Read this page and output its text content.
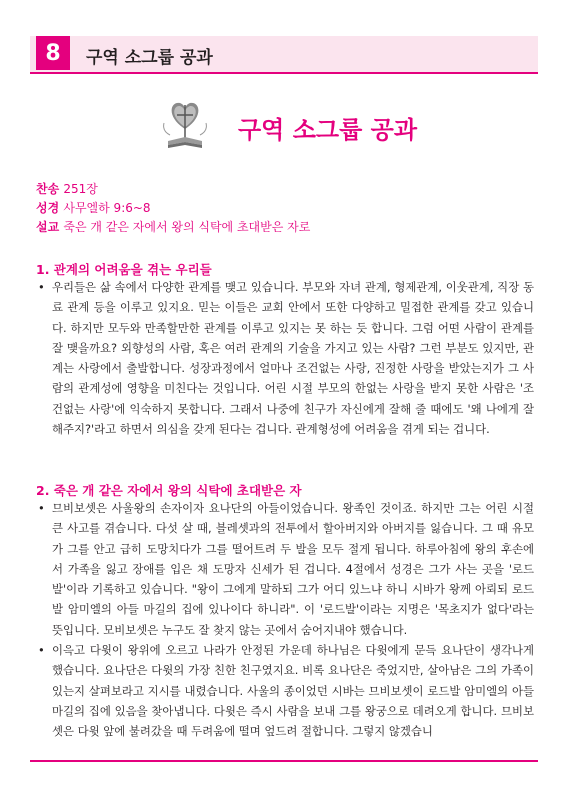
8	구역 소그룹 공과
구역 소그룹 공과
찬송 251장
성경 사무엘하 9:6~8
설교 죽은 개 같은 자에서 왕의 식탁에 초대받은 자로
1. 관계의 어려움을 겪는 우리들
• 우리들은 삶 속에서 다양한 관계를 맺고 있습니다. 부모와 자녀 관계, 형제관계, 이웃관계, 직장 동료 관계 등을 이루고 있지요. 믿는 이들은 교회 안에서 또한 다양하고 밀접한 관계를 갖고 있습니다. 하지만 모두와 만족할만한 관계를 이루고 있지는 못 하는 듯 합니다. 그럼 어떤 사람이 관계를 잘 맺을까요? 외향성의 사람, 혹은 여러 관계의 기술을 가지고 있는 사람? 그런 부분도 있지만, 관계는 사랑에서 출발합니다. 성장과정에서 얼마나 조건없는 사랑, 진정한 사랑을 받았는지가 그 사람의 관계성에 영향을 미친다는 것입니다. 어린 시절 부모의 한없는 사랑을 받지 못한 사람은 '조건없는 사랑'에 익숙하지 못합니다. 그래서 나중에 친구가 자신에게 잘해 줄 때에도 '왜 나에게 잘해주지?'라고 하면서 의심을 갖게 된다는 겁니다. 관계형성에 어려움을 겪게 되는 겁니다.
2. 죽은 개 같은 자에서 왕의 식탁에 초대받은 자
• 므비보셋은 사울왕의 손자이자 요나단의 아들이었습니다. 왕족인 것이죠. 하지만 그는 어린 시절 큰 사고를 겪습니다. 다섯 살 때, 블레셋과의 전투에서 할아버지와 아버지를 잃습니다. 그 때 유모가 그를 안고 급히 도망치다가 그를 떨어트려 두 발을 모두 절게 됩니다. 하루아침에 왕의 후손에서 가족을 잃고 장애를 입은 채 도망자 신세가 된 겁니다. 4절에서 성경은 그가 사는 곳을 '로드발'이라 기록하고 있습니다. "왕이 그에게 말하되 그가 어디 있느냐 하니 시바가 왕께 아뢰되 로드발 암미엘의 아들 마길의 집에 있나이다 하니라". 이 '로드발'이라는 지명은 '목초지가 없다'라는 뜻입니다. 모비보셋은 누구도 잘 찾지 않는 곳에서 숨어지내야 했습니다.
• 이윽고 다윗이 왕위에 오르고 나라가 안정된 가운데 하나님은 다윗에게 문득 요나단이 생각나게 했습니다. 요나단은 다윗의 가장 친한 친구였지요. 비록 요나단은 죽었지만, 살아남은 그의 가족이 있는지 살펴보라고 지시를 내렸습니다. 사울의 종이었던 시바는 므비보셋이 로드발 암미엘의 아들 마길의 집에 있음을 찾아냅니다. 다윗은 즉시 사람을 보내 그를 왕궁으로 데려오게 합니다. 므비보셋은 다윗 앞에 불려갔을 때 두려움에 떨며 엎드려 절합니다. 그렇지 않겠습니
